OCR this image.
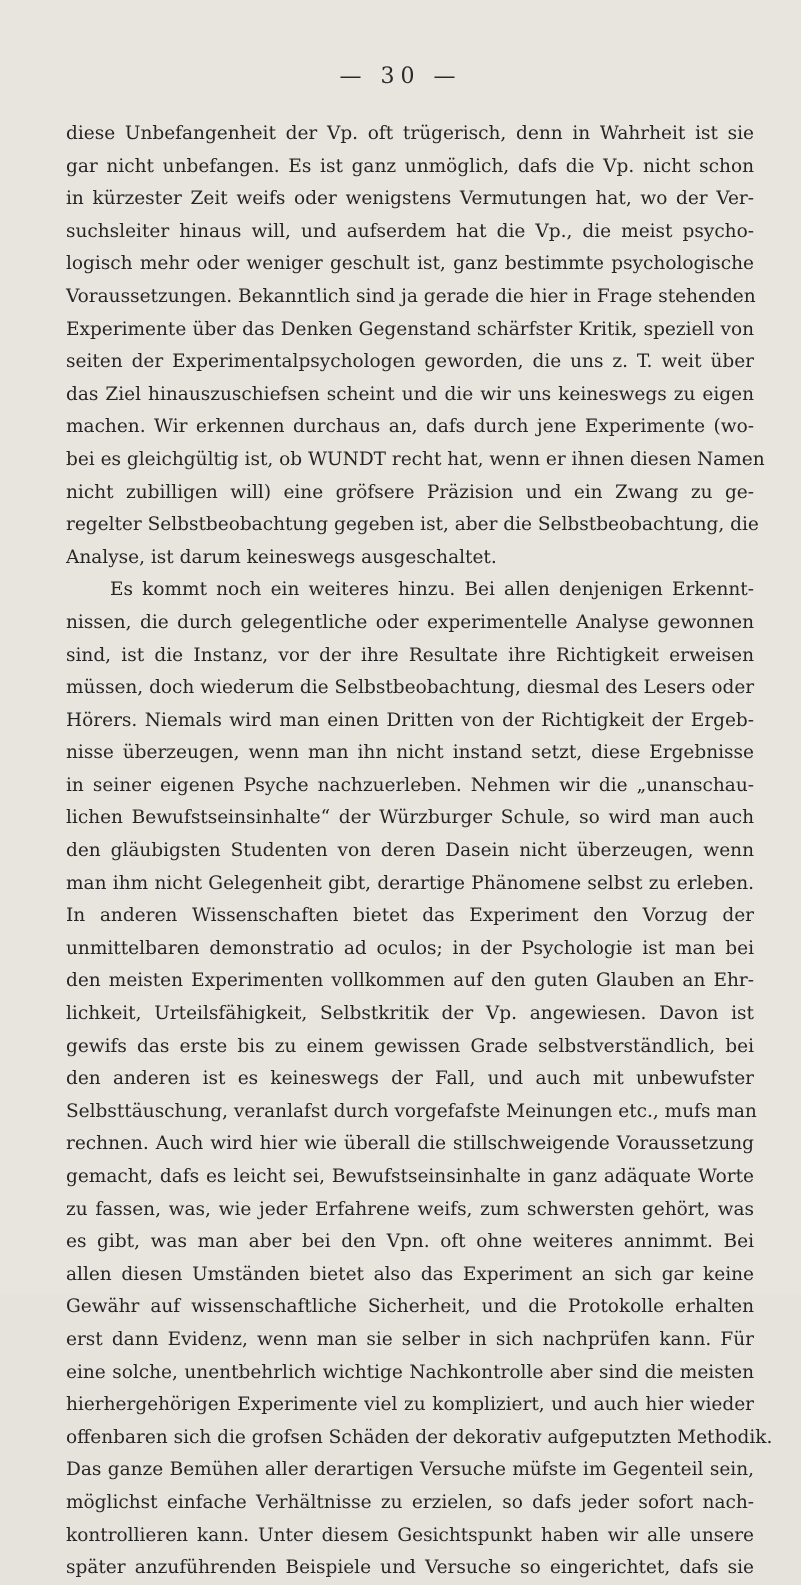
— 30 —
diese Unbefangenheit der Vp. oft trügerisch, denn in Wahrheit ist sie
gar nicht unbefangen. Es ist ganz unmöglich, dafs die Vp. nicht schon
in kürzester Zeit weifs oder wenigstens Vermutungen hat, wo der Ver-
suchsleiter hinaus will, und aufserdem hat die Vp., die meist psycho-
logisch mehr oder weniger geschult ist, ganz bestimmte psychologische
Voraussetzungen. Bekanntlich sind ja gerade die hier in Frage stehenden
Experimente über das Denken Gegenstand schärfster Kritik, speziell von
seiten der Experimentalpsychologen geworden, die uns z. T. weit über
das Ziel hinauszuschiefsen scheint und die wir uns keineswegs zu eigen
machen. Wir erkennen durchaus an, dafs durch jene Experimente (wo-
bei es gleichgültig ist, ob WUNDT recht hat, wenn er ihnen diesen Namen
nicht zubilligen will) eine gröfsere Präzision und ein Zwang zu ge-
regelter Selbstbeobachtung gegeben ist, aber die Selbstbeobachtung, die
Analyse, ist darum keineswegs ausgeschaltet.
Es kommt noch ein weiteres hinzu. Bei allen denjenigen Erkennt-
nissen, die durch gelegentliche oder experimentelle Analyse gewonnen
sind, ist die Instanz, vor der ihre Resultate ihre Richtigkeit erweisen
müssen, doch wiederum die Selbstbeobachtung, diesmal des Lesers oder
Hörers. Niemals wird man einen Dritten von der Richtigkeit der Ergeb-
nisse überzeugen, wenn man ihn nicht instand setzt, diese Ergebnisse
in seiner eigenen Psyche nachzuerleben. Nehmen wir die „unanschau-
lichen Bewufstseinsinhalte“ der Würzburger Schule, so wird man auch
den gläubigsten Studenten von deren Dasein nicht überzeugen, wenn
man ihm nicht Gelegenheit gibt, derartige Phänomene selbst zu erleben.
In anderen Wissenschaften bietet das Experiment den Vorzug der
unmittelbaren demonstratio ad oculos; in der Psychologie ist man bei
den meisten Experimenten vollkommen auf den guten Glauben an Ehr-
lichkeit, Urteilsfähigkeit, Selbstkritik der Vp. angewiesen. Davon ist
gewifs das erste bis zu einem gewissen Grade selbstverständlich, bei
den anderen ist es keineswegs der Fall, und auch mit unbewufster
Selbsttäuschung, veranlafst durch vorgefafste Meinungen etc., mufs man
rechnen. Auch wird hier wie überall die stillschweigende Voraussetzung
gemacht, dafs es leicht sei, Bewufstseinsinhalte in ganz adäquate Worte
zu fassen, was, wie jeder Erfahrene weifs, zum schwersten gehört, was
es gibt, was man aber bei den Vpn. oft ohne weiteres annimmt. Bei
allen diesen Umständen bietet also das Experiment an sich gar keine
Gewähr auf wissenschaftliche Sicherheit, und die Protokolle erhalten
erst dann Evidenz, wenn man sie selber in sich nachprüfen kann. Für
eine solche, unentbehrlich wichtige Nachkontrolle aber sind die meisten
hierhergehörigen Experimente viel zu kompliziert, und auch hier wieder
offenbaren sich die grofsen Schäden der dekorativ aufgeputzten Methodik.
Das ganze Bemühen aller derartigen Versuche müfste im Gegenteil sein,
möglichst einfache Verhältnisse zu erzielen, so dafs jeder sofort nach-
kontrollieren kann. Unter diesem Gesichtspunkt haben wir alle unsere
später anzuführenden Beispiele und Versuche so eingerichtet, dafs sie
